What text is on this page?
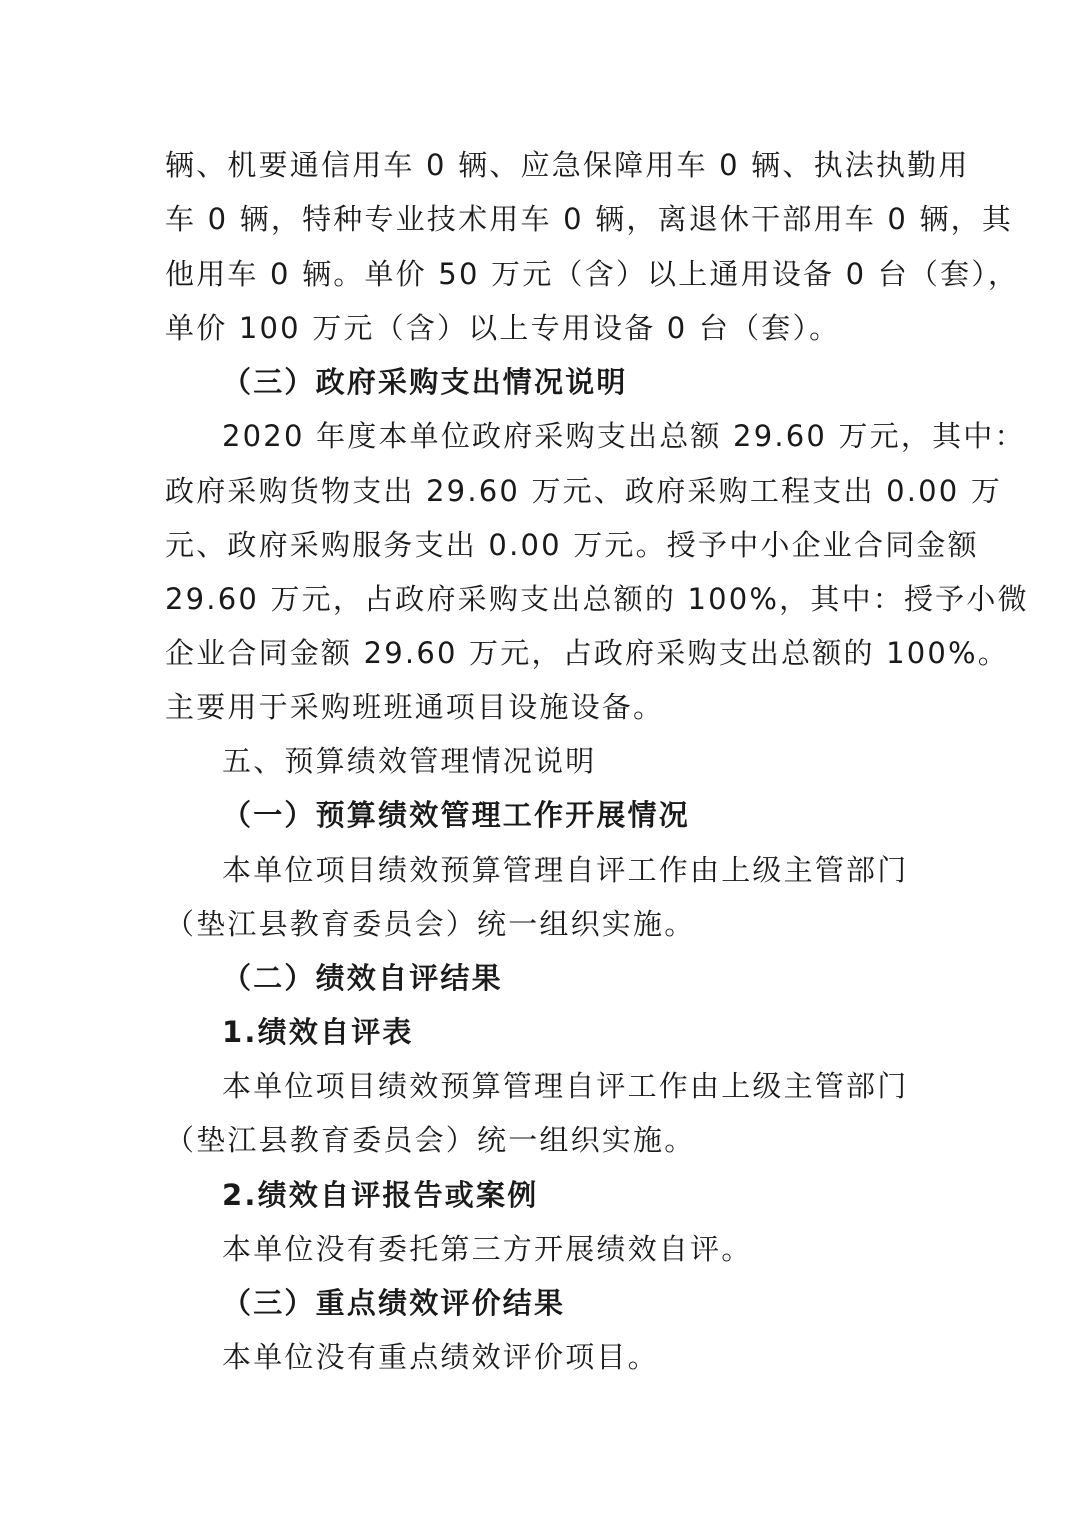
辆、机要通信用车 0 辆、应急保障用车 0 辆、执法执勤用
车 0 辆，特种专业技术用车 0 辆，离退休干部用车 0 辆，其
他用车 0 辆。单价 50 万元（含）以上通用设备 0 台（套），
单价 100 万元（含）以上专用设备 0 台（套）。
（三）政府采购支出情况说明
2020 年度本单位政府采购支出总额 29.60 万元，其中：
政府采购货物支出 29.60 万元、政府采购工程支出 0.00 万
元、政府采购服务支出 0.00 万元。授予中小企业合同金额
29.60 万元，占政府采购支出总额的 100%，其中：授予小微
企业合同金额 29.60 万元，占政府采购支出总额的 100%。
主要用于采购班班通项目设施设备。
五、预算绩效管理情况说明
（一）预算绩效管理工作开展情况
本单位项目绩效预算管理自评工作由上级主管部门
（垫江县教育委员会）统一组织实施。
（二）绩效自评结果
1.绩效自评表
本单位项目绩效预算管理自评工作由上级主管部门
（垫江县教育委员会）统一组织实施。
2.绩效自评报告或案例
本单位没有委托第三方开展绩效自评。
（三）重点绩效评价结果
本单位没有重点绩效评价项目。
